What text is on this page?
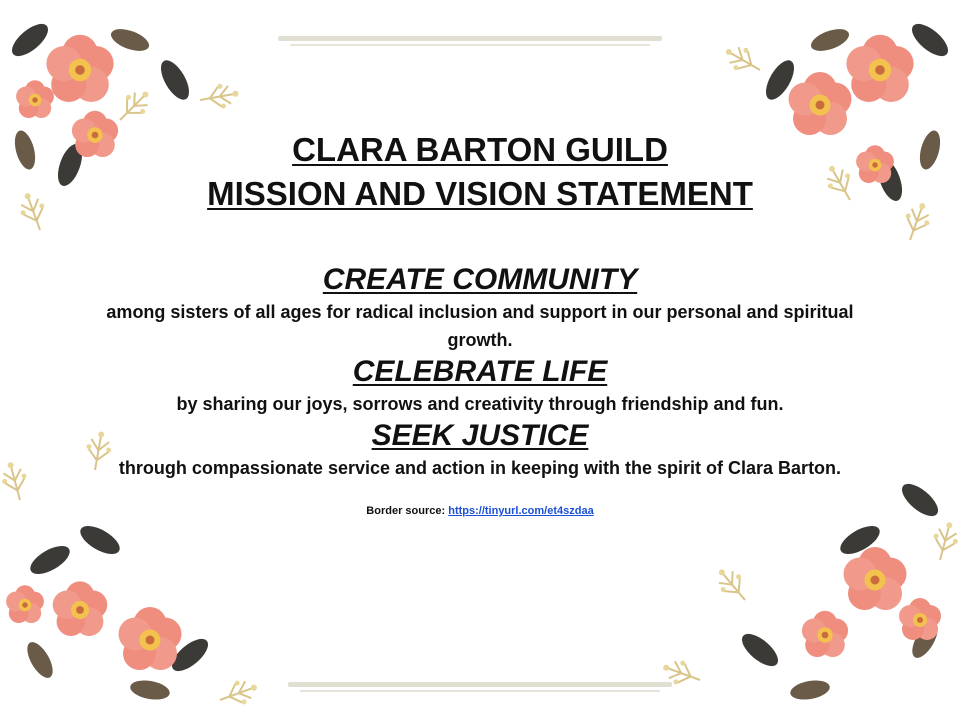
CLARA BARTON GUILD
MISSION AND VISION STATEMENT
CREATE COMMUNITY

among sisters of all ages for radical inclusion and support in our personal and spiritual growth.

CELEBRATE LIFE

by sharing our joys, sorrows and creativity through friendship and fun.

SEEK JUSTICE

through compassionate service and action in keeping with the spirit of Clara Barton.

Border source: https://tinyurl.com/et4szdaa
